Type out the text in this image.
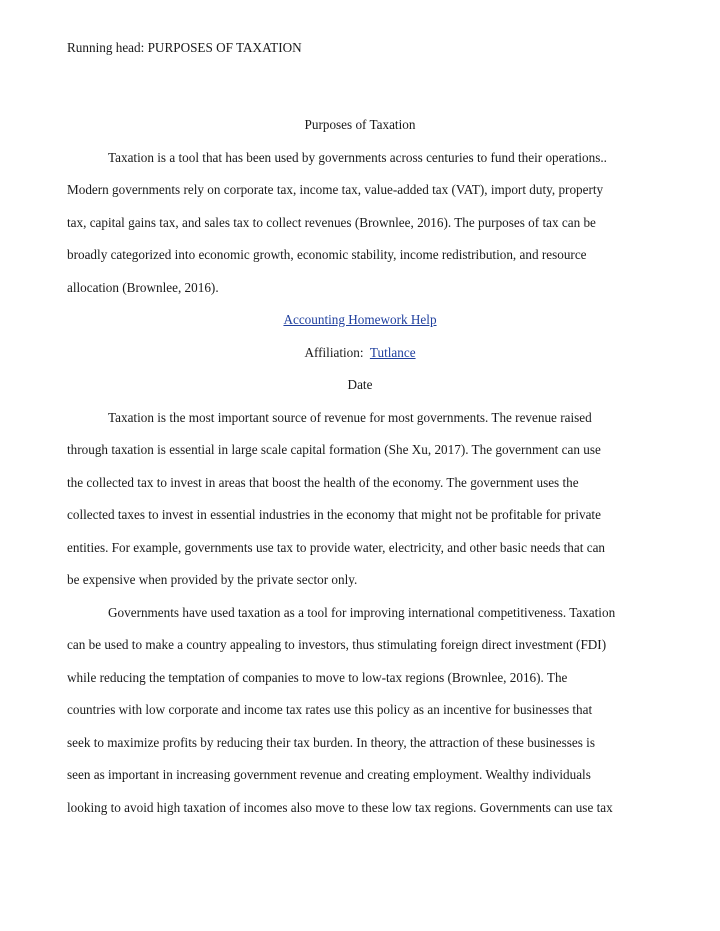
Running head: PURPOSES OF TAXATION
Purposes of Taxation
Taxation is a tool that has been used by governments across centuries to fund their operations..
Modern governments rely on corporate tax, income tax, value-added tax (VAT), import duty, property
tax, capital gains tax, and sales tax to collect revenues (Brownlee, 2016). The purposes of tax can be
broadly categorized into economic growth, economic stability, income redistribution, and resource
allocation (Brownlee, 2016).
Accounting Homework Help
Affiliation: Tutlance
Date
Taxation is the most important source of revenue for most governments. The revenue raised
through taxation is essential in large scale capital formation (She Xu, 2017). The government can use
the collected tax to invest in areas that boost the health of the economy. The government uses the
collected taxes to invest in essential industries in the economy that might not be profitable for private
entities. For example, governments use tax to provide water, electricity, and other basic needs that can
be expensive when provided by the private sector only.
Governments have used taxation as a tool for improving international competitiveness. Taxation
can be used to make a country appealing to investors, thus stimulating foreign direct investment (FDI)
while reducing the temptation of companies to move to low-tax regions (Brownlee, 2016). The
countries with low corporate and income tax rates use this policy as an incentive for businesses that
seek to maximize profits by reducing their tax burden. In theory, the attraction of these businesses is
seen as important in increasing government revenue and creating employment. Wealthy individuals
looking to avoid high taxation of incomes also move to these low tax regions. Governments can use tax
